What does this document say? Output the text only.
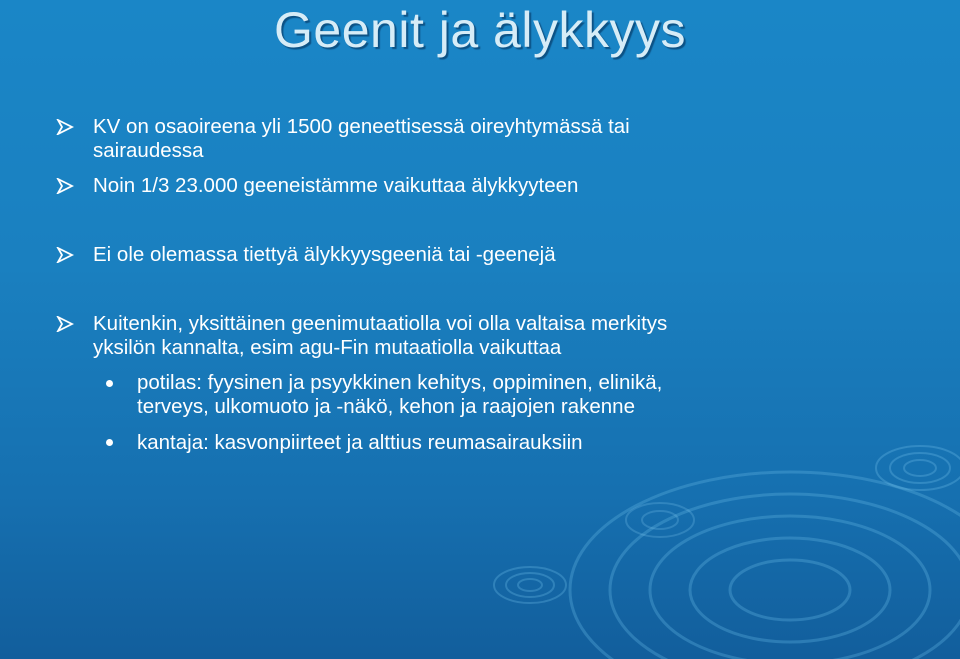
Geenit ja älykkyys
KV on osaoireena yli 1500 geneettisessä oireyhtymässä tai
sairaudessa
Noin 1/3 23.000 geeneistämme vaikuttaa älykkyyteen
Ei ole olemassa tiettyä älykkyysgeeniä tai -geenejä
Kuitenkin, yksittäinen geenimutaatiolla voi olla valtaisa merkitys
yksilön kannalta, esim agu-Fin mutaatiolla vaikuttaa
potilas: fyysinen ja psyykkinen kehitys, oppiminen, elinikä,
terveys, ulkomuoto ja -näkö, kehon ja raajojen rakenne
kantaja: kasvonpiirteet ja alttius reumasairauksiin
